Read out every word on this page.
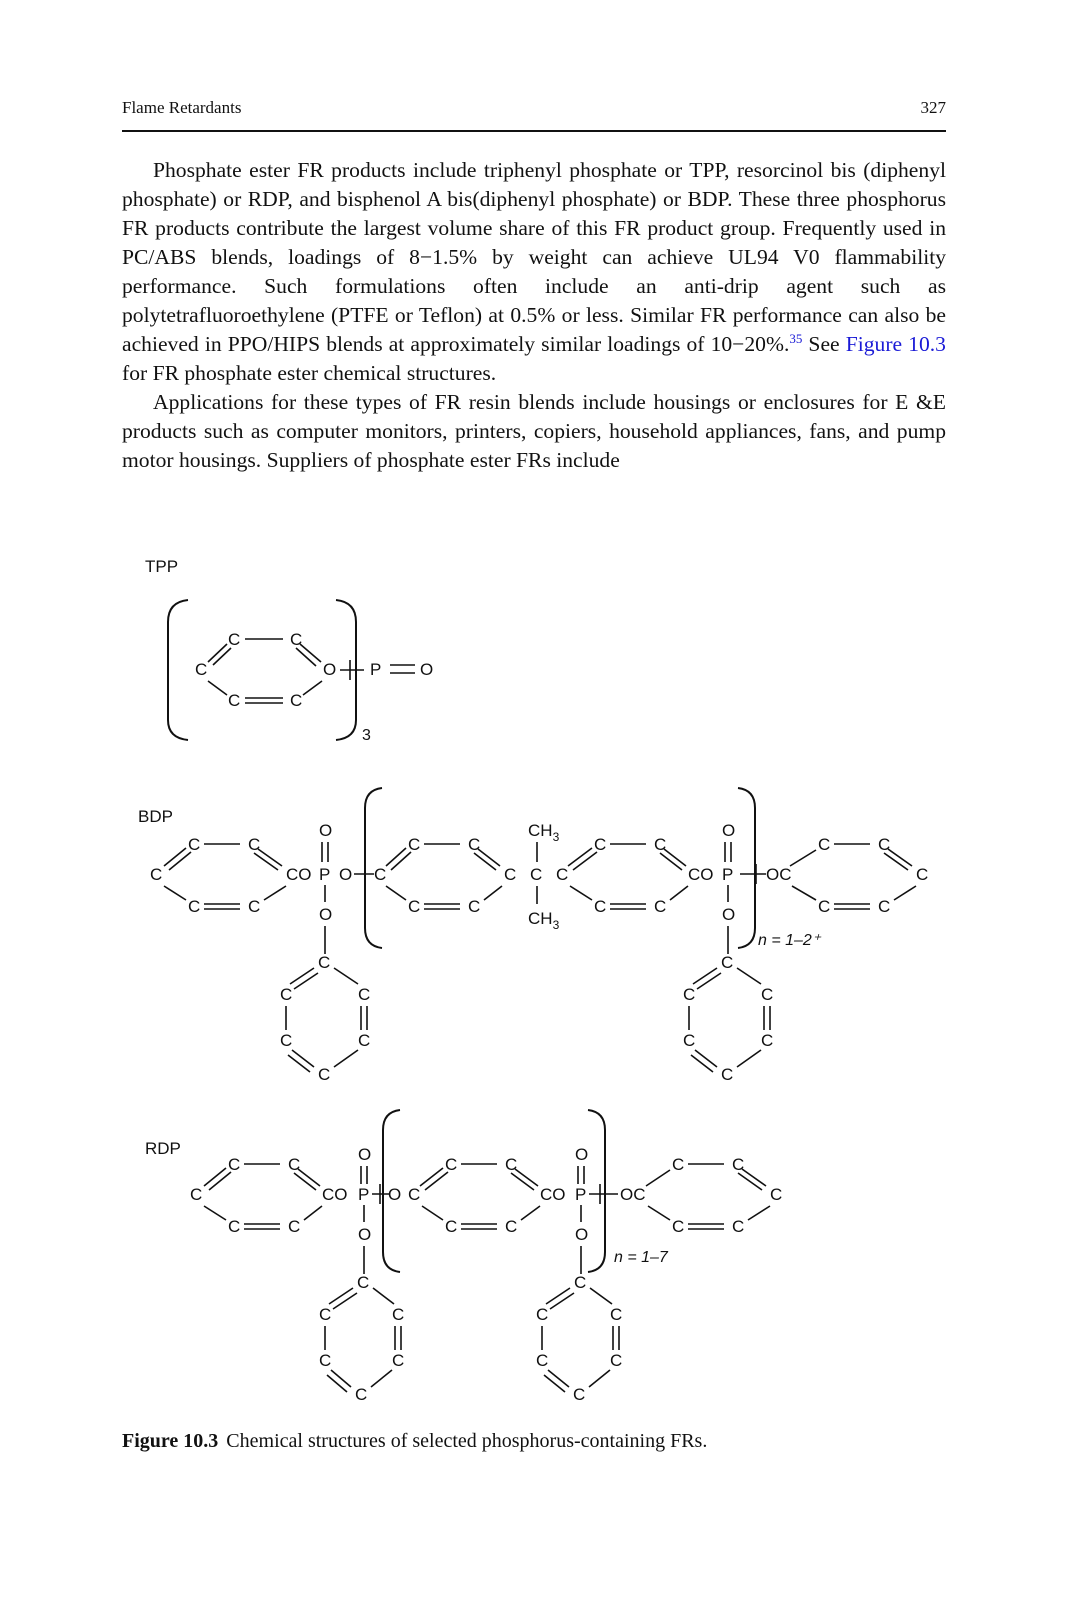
Flame Retardants	327

Phosphate ester FR products include triphenyl phosphate or TPP, resorcinol bis (diphenyl phosphate) or RDP, and bisphenol A bis(diphenyl phosphate) or BDP. These three phosphorus FR products contribute the largest volume share of this FR product group. Frequently used in PC/ABS blends, loadings of 8−1.5% by weight can achieve UL94 V0 flammability performance. Such formulations often include an anti-drip agent such as polytetrafluoroethylene (PTFE or Teflon) at 0.5% or less. Similar FR performance can also be achieved in PPO/HIPS blends at approximately similar loadings of 10−20%.$^{35}$ See Figure 10.3 for FR phosphate ester chemical structures.

Applications for these types of FR resin blends include housings or enclosures for E &E products such as computer monitors, printers, copiers, household appliances, fans, and pump motor housings. Suppliers of phosphate ester FRs include

TPP
C	C
C	O
C	C
P O
3
BDP
C	C
C	CO
C	C
O
P
O
O C
C	C
C
C	C
$CH_3$
C
$CH_3$
C
C	C
CO
C	C
O
P
O
OC
n = 1–2⁺
C	C
C
C	C
C
C	C
C	C
C
C
C	C
C	C
C
RDP
C	C
C	CO
C	C
O
P O
O
C
C	C
CO
C	C
O
P OC
O
n = 1–7
C	C
C
C	C
C
C	C
C	C
C
C
C	C
C	C
C
Figure 10.3 Chemical structures of selected phosphorus-containing FRs.
